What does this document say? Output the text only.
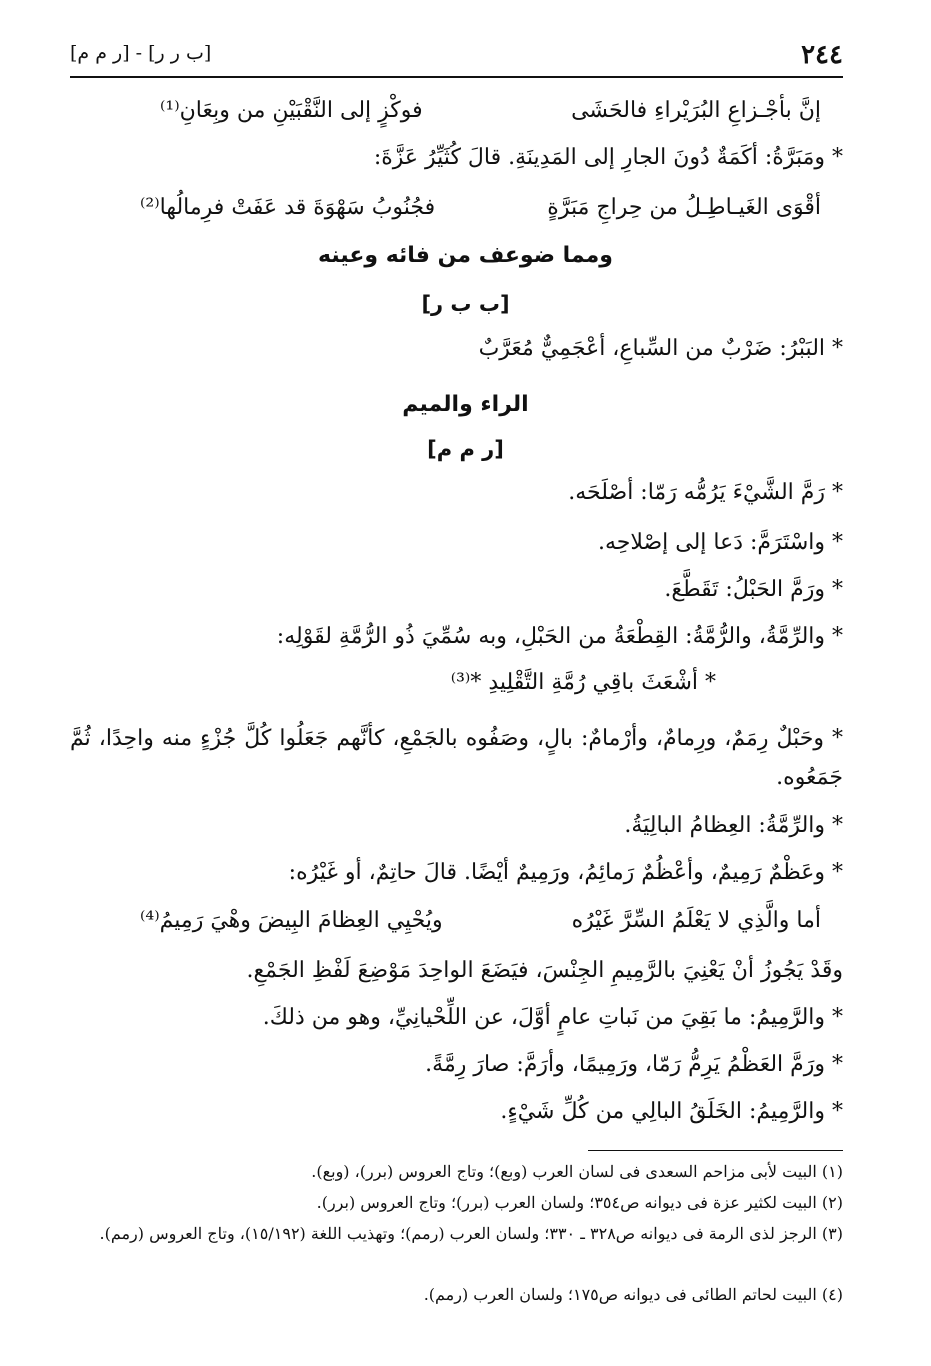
٢٤٤
[ب ر ر] - [ر م م]
إنَّ بأجْـزاعِ البُرَيْراءِ فالحَشَى
فوكْزٍ إلى النَّقْبَيْنِ من وبِعَانِ⁽¹⁾
* ومَبَرَّةُ: أكَمَةٌ دُونَ الجارِ إلى المَدِينَةِ. قالَ كُثَيِّرُ عَزَّةَ:
أقْوَى الغَيـاطِـلُ من حِراجِ مَبَرَّةٍ
فجُنُوبُ سَهْوَةَ قد عَفَتْ فرِمالُها⁽²⁾
ومما ضوعف من فائه وعينه
[ب ب ر]
* البَبْرُ: ضَرْبٌ من السِّباعِ، أعْجَمِيٌّ مُعَرَّبٌ
الراء والميم
[ر م م]
* رَمَّ الشَّيْءَ يَرُمُّه رَمّا: أصْلَحَه.
* واسْتَرَمَّ: دَعا إلى إصْلاحِه.
* ورَمَّ الحَبْلُ: تَقَطَّعَ.
* والرِّمَّةُ، والرُّمَّةُ: القِطْعَةُ من الحَبْلِ، وبه سُمِّيَ ذُو الرُّمَّةِ لقَوْلِه:
* أشْعَثَ باقِي رُمَّةِ التَّقْلِيدِ *⁽³⁾
* وحَبْلٌ رِمَمٌ، ورِمامٌ، وأرْمامٌ: بالٍ، وصَفُوه بالجَمْعِ، كأنَّهم جَعَلُوا كُلَّ جُزْءٍ منه واحِدًا، ثُمَّ جَمَعُوه.
* والرِّمَّةُ: العِظامُ البالِيَةُ.
* وعَظْمٌ رَمِيمٌ، وأعْظُمٌ رَمائِمُ، ورَمِيمٌ أيْضًا. قالَ حاتِمٌ، أو غَيْرُه:
أما والَّذِي لا يَعْلَمُ السِّرَّ غَيْرُه
ويُحْيِي العِظامَ البِيضَ وهْيَ رَمِيمُ⁽⁴⁾
وقَدْ يَجُوزُ أنْ يَعْنِيَ بالرَّمِيمِ الجِنْسَ، فيَضَعَ الواحِدَ مَوْضِعَ لَفْظِ الجَمْعِ.
* والرَّمِيمُ: ما بَقِيَ من نَباتِ عامٍ أوَّلَ، عن اللِّحْيانِيِّ، وهو من ذلكَ.
* ورَمَّ العَظْمُ يَرِمُّ رَمّا، ورَمِيمًا، وأرَمَّ: صارَ رِمَّةً.
* والرَّمِيمُ: الخَلَقُ البالِي من كُلِّ شَيْءٍ.
(١) البيت لأبى مزاحم السعدى فى لسان العرب (وبع)؛ وتاج العروس (برر)، (وبع).
(٢) البيت لكثير عزة فى ديوانه ص٣٥٤؛ ولسان العرب (برر)؛ وتاج العروس (برر).
(٣) الرجز لذى الرمة فى ديوانه ص٣٢٨ ـ ٣٣٠؛ ولسان العرب (رمم)؛ وتهذيب اللغة (١٥/١٩٢)، وتاج العروس (رمم).
(٤) البيت لحاتم الطائى فى ديوانه ص١٧٥؛ ولسان العرب (رمم).
